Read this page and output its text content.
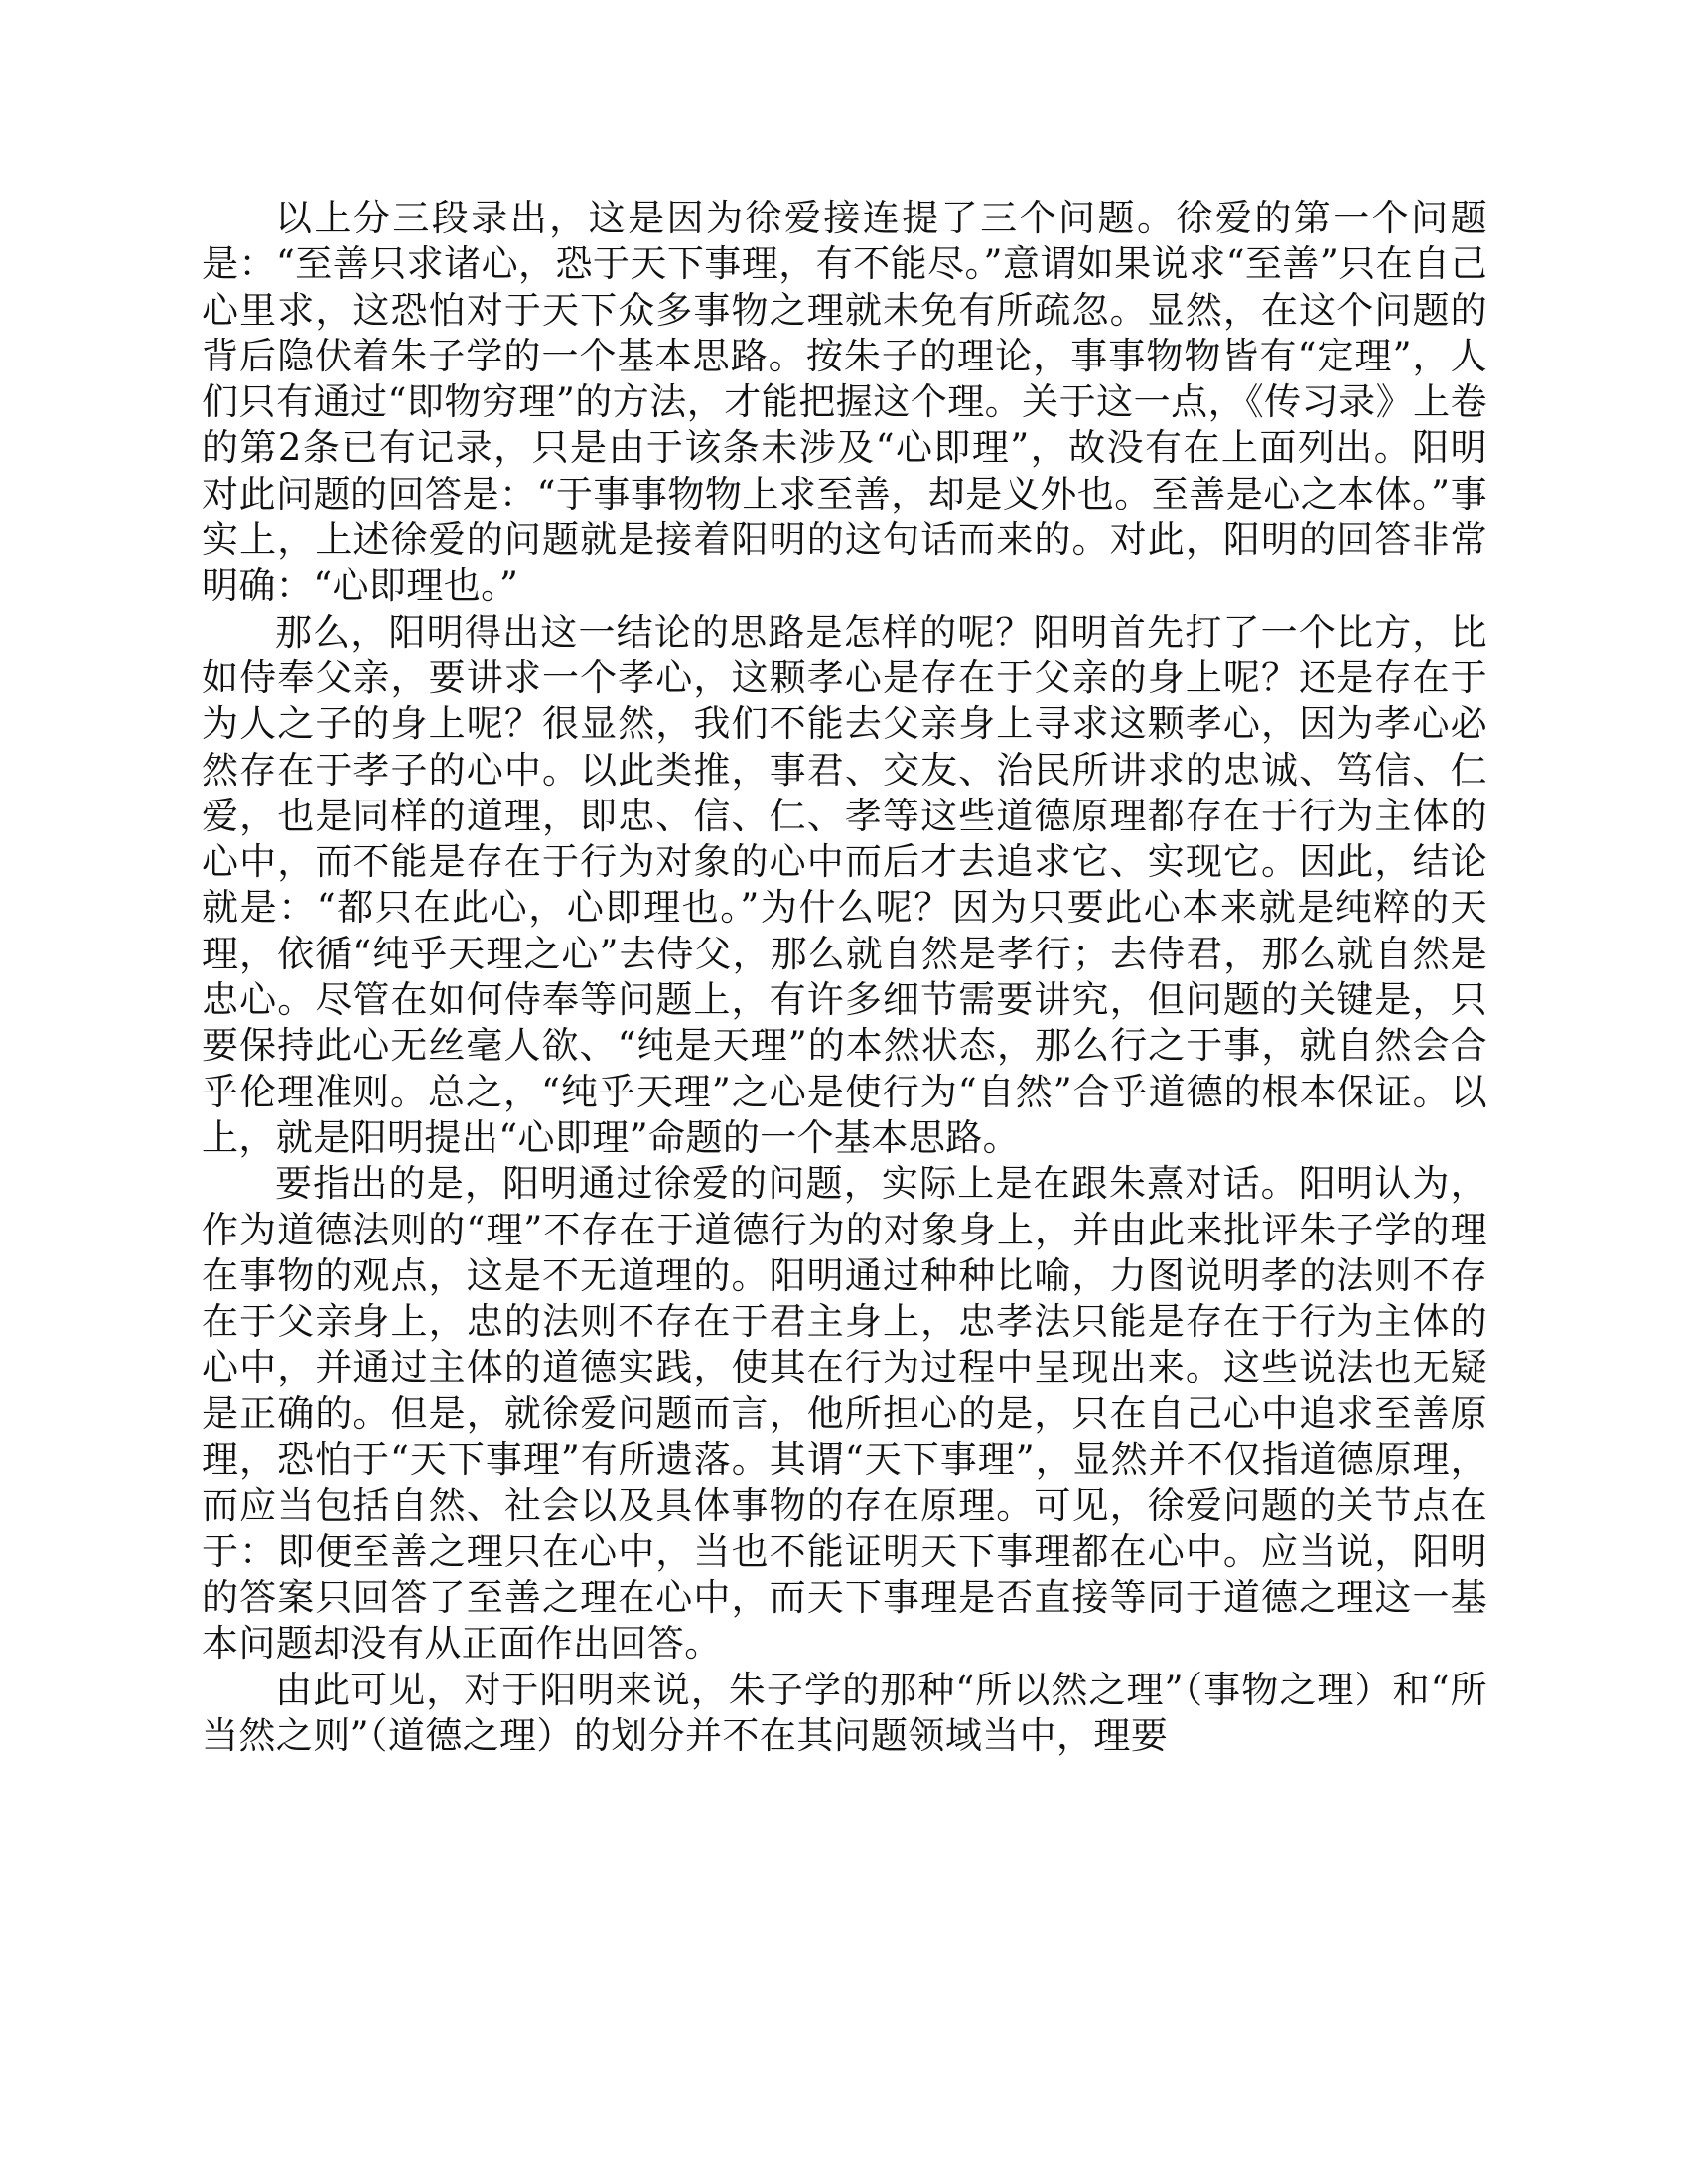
以上分三段录出，这是因为徐爱接连提了三个问题。徐爱的第一个问题是：“至善只求诸心，恐于天下事理，有不能尽。”意谓如果说求“至善”只在自己心里求，这恐怕对于天下众多事物之理就未免有所疏忽。显然，在这个问题的背后隐伏着朱子学的一个基本思路。按朱子的理论，事事物物皆有“定理”，人们只有通过“即物穷理”的方法，才能把握这个理。关于这一点，《传习录》上卷的第2条已有记录，只是由于该条未涉及“心即理”，故没有在上面列出。阳明对此问题的回答是：“于事事物物上求至善，却是义外也。至善是心之本体。”事实上，上述徐爱的问题就是接着阳明的这句话而来的。对此，阳明的回答非常明确：“心即理也。”

那么，阳明得出这一结论的思路是怎样的呢？阳明首先打了一个比方，比如侍奉父亲，要讲求一个孝心，这颗孝心是存在于父亲的身上呢？还是存在于为人之子的身上呢？很显然，我们不能去父亲身上寻求这颗孝心，因为孝心必然存在于孝子的心中。以此类推，事君、交友、治民所讲求的忠诚、笃信、仁爱，也是同样的道理，即忠、信、仁、孝等这些道德原理都存在于行为主体的心中，而不能是存在于行为对象的心中而后才去追求它、实现它。因此，结论就是：“都只在此心，心即理也。”为什么呢？因为只要此心本来就是纯粹的天理，依循“纯乎天理之心”去侍父，那么就自然是孝行；去侍君，那么就自然是忠心。尽管在如何侍奉等问题上，有许多细节需要讲究，但问题的关键是，只要保持此心无丝毫人欲、“纯是天理”的本然状态，那么行之于事，就自然会合乎伦理准则。总之，“纯乎天理”之心是使行为“自然”合乎道德的根本保证。以上，就是阳明提出“心即理”命题的一个基本思路。

要指出的是，阳明通过徐爱的问题，实际上是在跟朱熹对话。阳明认为，作为道德法则的“理”不存在于道德行为的对象身上，并由此来批评朱子学的理在事物的观点，这是不无道理的。阳明通过种种比喻，力图说明孝的法则不存在于父亲身上，忠的法则不存在于君主身上，忠孝法只能是存在于行为主体的心中，并通过主体的道德实践，使其在行为过程中呈现出来。这些说法也无疑是正确的。但是，就徐爱问题而言，他所担心的是，只在自己心中追求至善原理，恐怕于“天下事理”有所遗落。其谓“天下事理”，显然并不仅指道德原理，而应当包括自然、社会以及具体事物的存在原理。可见，徐爱问题的关节点在于：即便至善之理只在心中，当也不能证明天下事理都在心中。应当说，阳明的答案只回答了至善之理在心中，而天下事理是否直接等同于道德之理这一基本问题却没有从正面作出回答。

由此可见，对于阳明来说，朱子学的那种“所以然之理”（事物之理）和“所当然之则”（道德之理）的划分并不在其问题领域当中，理要
